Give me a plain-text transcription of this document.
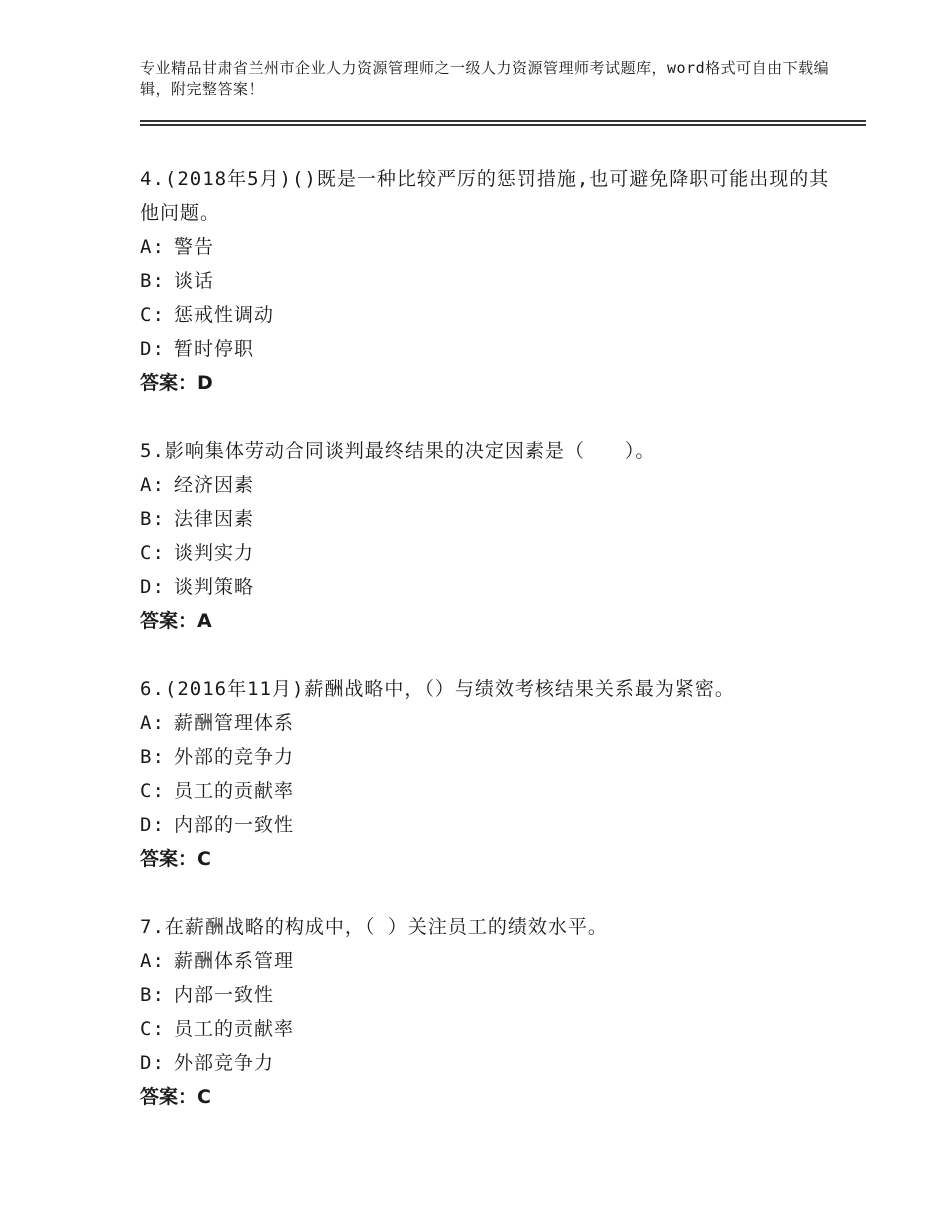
专业精品甘肃省兰州市企业人力资源管理师之一级人力资源管理师考试题库，word格式可自由下载编辑，附完整答案！
4.(2018年5月)()既是一种比较严厉的惩罚措施,也可避免降职可能出现的其他问题。
A: 警告
B: 谈话
C: 惩戒性调动
D: 暂时停职
答案：D
5.影响集体劳动合同谈判最终结果的决定因素是（　　）。
A: 经济因素
B: 法律因素
C: 谈判实力
D: 谈判策略
答案：A
6.(2016年11月)薪酬战略中，（）与绩效考核结果关系最为紧密。
A: 薪酬管理体系
B: 外部的竞争力
C: 员工的贡献率
D: 内部的一致性
答案：C
7.在薪酬战略的构成中，（ ）关注员工的绩效水平。
A: 薪酬体系管理
B: 内部一致性
C: 员工的贡献率
D: 外部竞争力
答案：C
